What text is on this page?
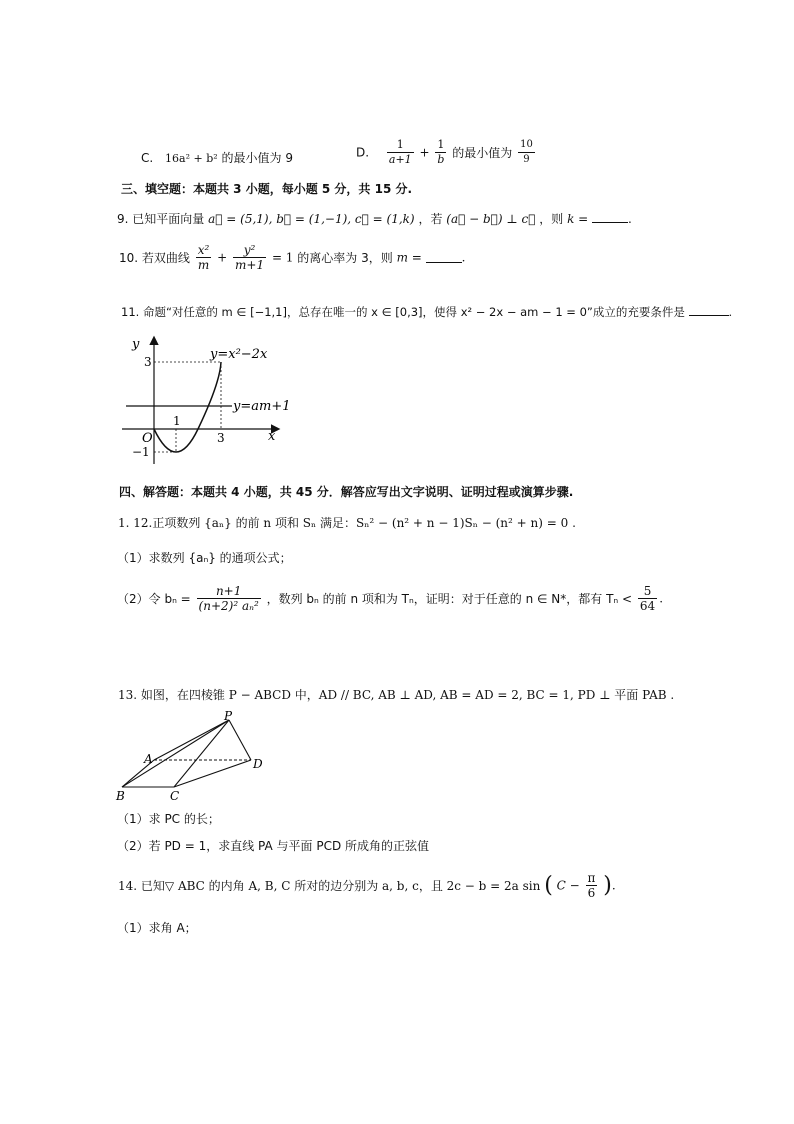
C. 16a² + b² 的最小值为 9	D. $\frac{1}{a+1} + \frac{1}{b}$ 的最小值为 $\frac{10}{9}$
三、填空题：本题共 3 小题，每小题 5 分，共 15 分.
9. 已知平面向量 a⃗ = (5,1), b⃗ = (1,−1), c⃗ = (1,k) ，若 (a⃗ − b⃗) ⊥ c⃗ ，则 k =	.
10. 若双曲线 $\frac{\text{x²}}{m} + \frac{\text{y²}}{m+1} = 1$ 的离心率为 3，则 m =	.
11. 命题“对任意的 m ∈ [−1,1]，总存在唯一的 x ∈ [0,3]，使得 x² − 2x − am − 1 = 0”成立的充要条件是	.
y=x²−2x
y=am+1
x
y
O
1
3
3
−1
四、解答题：本题共 4 小题，共 45 分．解答应写出文字说明、证明过程或演算步骤.
1. 12.正项数列 {aₙ} 的前 n 项和 Sₙ 满足：Sₙ² − (n² + n − 1)Sₙ − (n² + n) = 0 .
（1）求数列 {aₙ} 的通项公式；
（2）令 $b_n = \frac{n+1}{\text{(n+2)² aₙ²}}$ ，数列 bₙ 的前 n 项和为 Tₙ，证明：对于任意的 n ∈ N*，都有 $T_n < \frac{5}{64}$ .
13. 如图，在四棱锥 P − ABCD 中，AD // BC, AB ⊥ AD, AB = AD = 2, BC = 1, PD ⊥ 平面 PAB .
P
A
B	C
D
（1）求 PC 的长；
（2）若 PD = 1，求直线 PA 与平面 PCD 所成角的正弦值
14. 已知▽ ABC 的内角 A, B, C 所对的边分别为 a, b, c，且 2c − b = 2a sin ( $C - \frac{\pi}{6}$ ).
（1）求角 A；
